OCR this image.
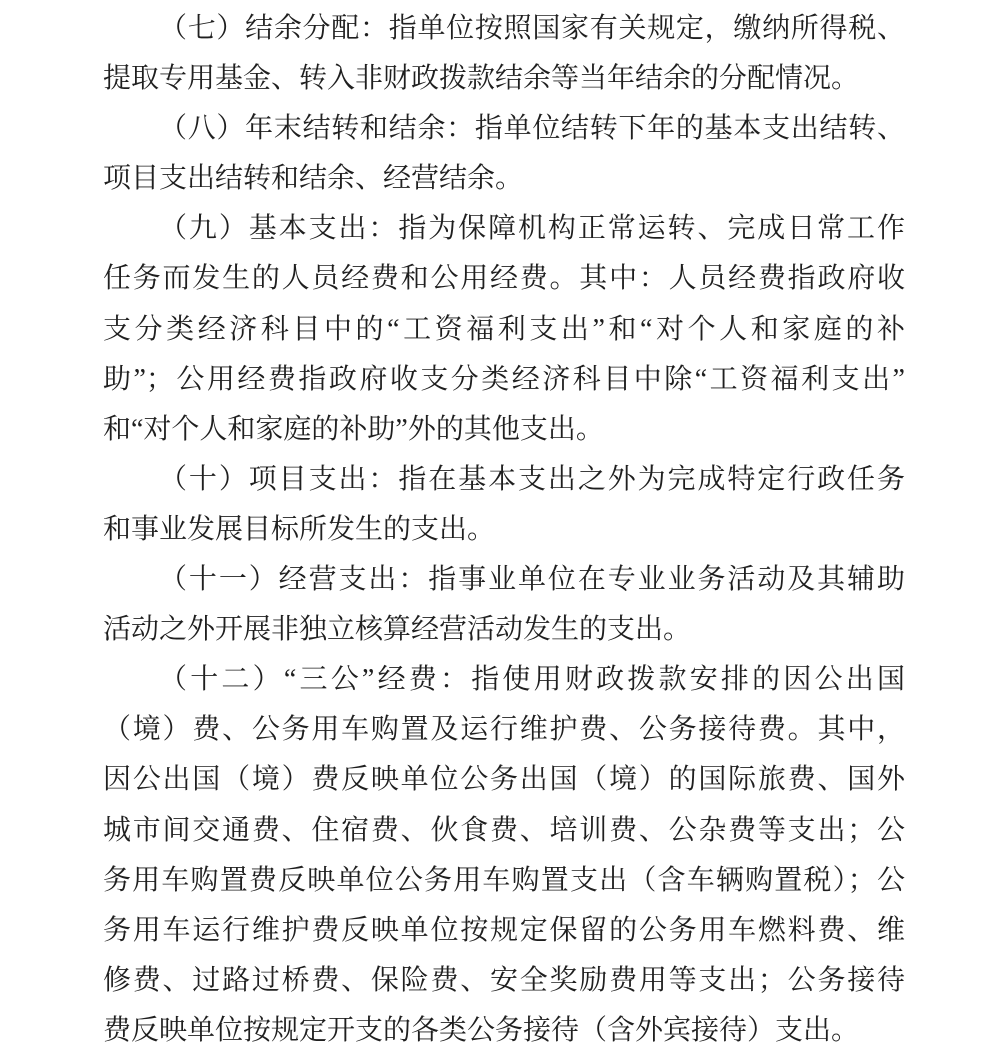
（七）结余分配：指单位按照国家有关规定，缴纳所得税、
提取专用基金、转入非财政拨款结余等当年结余的分配情况。
（八）年末结转和结余：指单位结转下年的基本支出结转、
项目支出结转和结余、经营结余。
（九）基本支出：指为保障机构正常运转、完成日常工作
任务而发生的人员经费和公用经费。其中：人员经费指政府收
支分类经济科目中的“工资福利支出”和“对个人和家庭的补
助”；公用经费指政府收支分类经济科目中除“工资福利支出”
和“对个人和家庭的补助”外的其他支出。
（十）项目支出：指在基本支出之外为完成特定行政任务
和事业发展目标所发生的支出。
（十一）经营支出：指事业单位在专业业务活动及其辅助
活动之外开展非独立核算经营活动发生的支出。
（十二）“三公”经费：指使用财政拨款安排的因公出国
（境）费、公务用车购置及运行维护费、公务接待费。其中，
因公出国（境）费反映单位公务出国（境）的国际旅费、国外
城市间交通费、住宿费、伙食费、培训费、公杂费等支出；公
务用车购置费反映单位公务用车购置支出（含车辆购置税）；公
务用车运行维护费反映单位按规定保留的公务用车燃料费、维
修费、过路过桥费、保险费、安全奖励费用等支出；公务接待
费反映单位按规定开支的各类公务接待（含外宾接待）支出。
